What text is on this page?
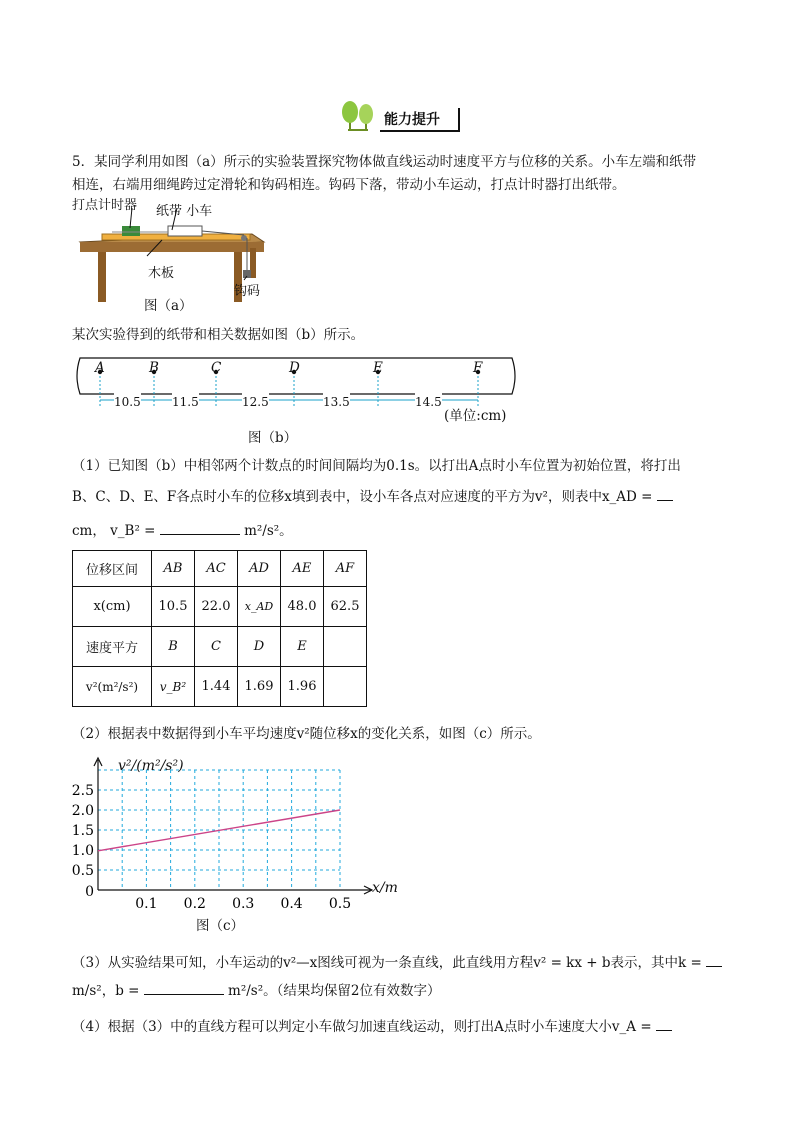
能力提升
5．某同学利用如图（a）所示的实验装置探究物体做直线运动时速度平方与位移的关系。小车左端和纸带
相连，右端用细绳跨过定滑轮和钩码相连。钩码下落，带动小车运动，打点计时器打出纸带。
打点计时器 纸带 小车
木板
钩码
图（a）
某次实验得到的纸带和相关数据如图（b）所示。
A	B	C	D	E	F
10.5	11.5	12.5	13.5	14.5
(单位:cm)
图（b）
（1）已知图（b）中相邻两个计数点的时间间隔均为0.1s。以打出A点时小车位置为初始位置，将打出
B、C、D、E、F各点时小车的位移x填到表中，设小车各点对应速度的平方为v²，则表中x_AD =
cm， v_B² =	m²/s²。
位移区间	AB	AC	AD	AE	AF
x(cm)	10.5	22.0	x_AD	48.0	62.5
速度平方	B	C	D	E	
v²(m²/s²)	v_B²	1.44	1.69	1.96	
（2）根据表中数据得到小车平均速度v²随位移x的变化关系，如图（c）所示。
0.1 0.2 0.3 0.4 0.5
2.5
2.0
1.5
1.0
0.5
0
v²/(m²/s²)
x/m
图（c）
（3）从实验结果可知，小车运动的v²—x图线可视为一条直线，此直线用方程v² = kx + b表示，其中k =
m/s²，b =	m²/s²。（结果均保留2位有效数字）
（4）根据（3）中的直线方程可以判定小车做匀加速直线运动，则打出A点时小车速度大小v_A =
